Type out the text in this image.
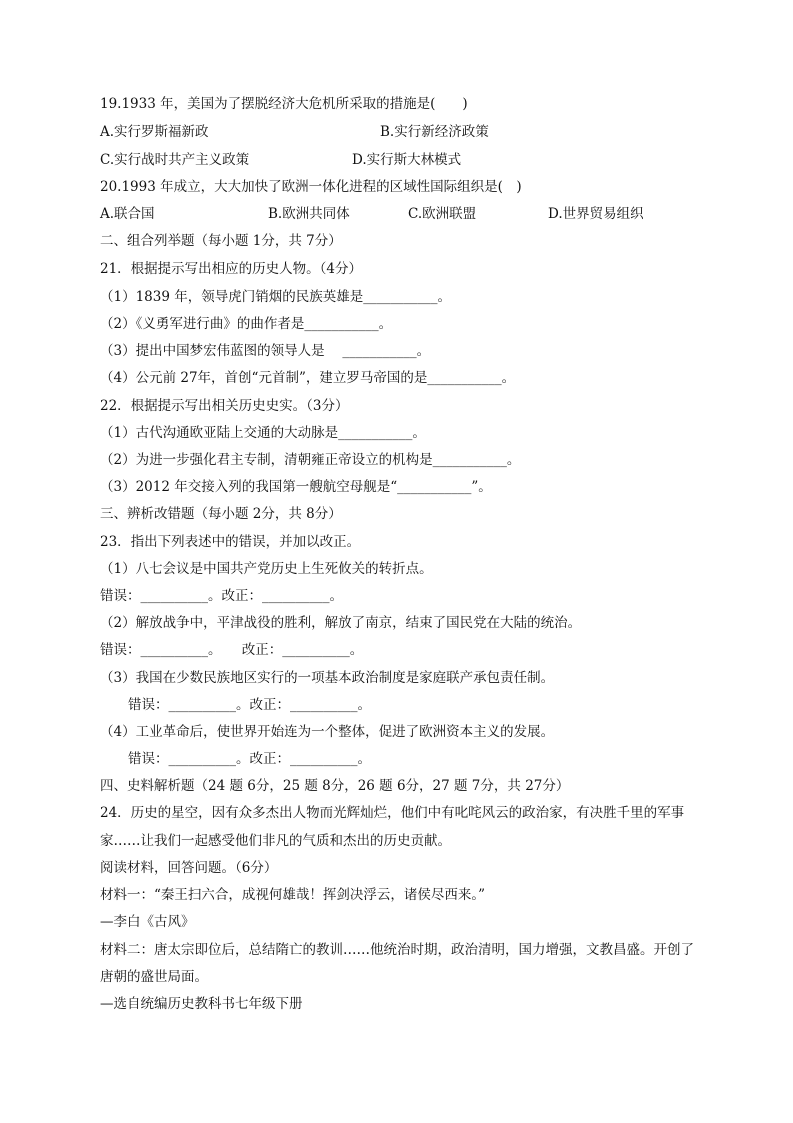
19.1933 年，美国为了摆脱经济大危机所采取的措施是(　　)
A.实行罗斯福新政	B.实行新经济政策
C.实行战时共产主义政策	D.实行斯大林模式
20.1993 年成立，大大加快了欧洲一体化进程的区域性国际组织是(　)
A.联合国	B.欧洲共同体	C.欧洲联盟	D.世界贸易组织
二、组合列举题（每小题 1分，共 7分）
21．根据提示写出相应的历史人物。（4分）
（1）1839 年，领导虎门销烟的民族英雄是___________。
（2）《义勇军进行曲》的曲作者是___________。
（3）提出中国梦宏伟蓝图的领导人是　 ___________。
（4）公元前 27年，首创“元首制”，建立罗马帝国的是___________。
22．根据提示写出相关历史史实。（3分）
（1）古代沟通欧亚陆上交通的大动脉是___________。
（2）为进一步强化君主专制，清朝雍正帝设立的机构是___________。
（3）2012 年交接入列的我国第一艘航空母舰是“___________”。
三、辨析改错题（每小题 2分，共 8分）
23．指出下列表述中的错误，并加以改正。
（1）八七会议是中国共产党历史上生死攸关的转折点。
错误：__________。改正：__________。
（2）解放战争中，平津战役的胜利，解放了南京，结束了国民党在大陆的统治。
错误：__________。　　改正：__________。
（3）我国在少数民族地区实行的一项基本政治制度是家庭联产承包责任制。
错误：__________。改正：__________。
（4）工业革命后，使世界开始连为一个整体，促进了欧洲资本主义的发展。
错误：__________。改正：__________。
四、史料解析题（24 题 6分，25 题 8分，26 题 6分，27 题 7分，共 27分）
24．历史的星空，因有众多杰出人物而光辉灿烂，他们中有叱咤风云的政治家，有决胜千里的军事
家……让我们一起感受他们非凡的气质和杰出的历史贡献。
阅读材料，回答问题。（6分）
材料一：“秦王扫六合，成视何雄哉！挥剑决浮云，诸侯尽西来。”
—李白《古风》
材料二：唐太宗即位后，总结隋亡的教训……他统治时期，政治清明，国力增强，文教昌盛。开创了
唐朝的盛世局面。
—选自统编历史教科书七年级下册
